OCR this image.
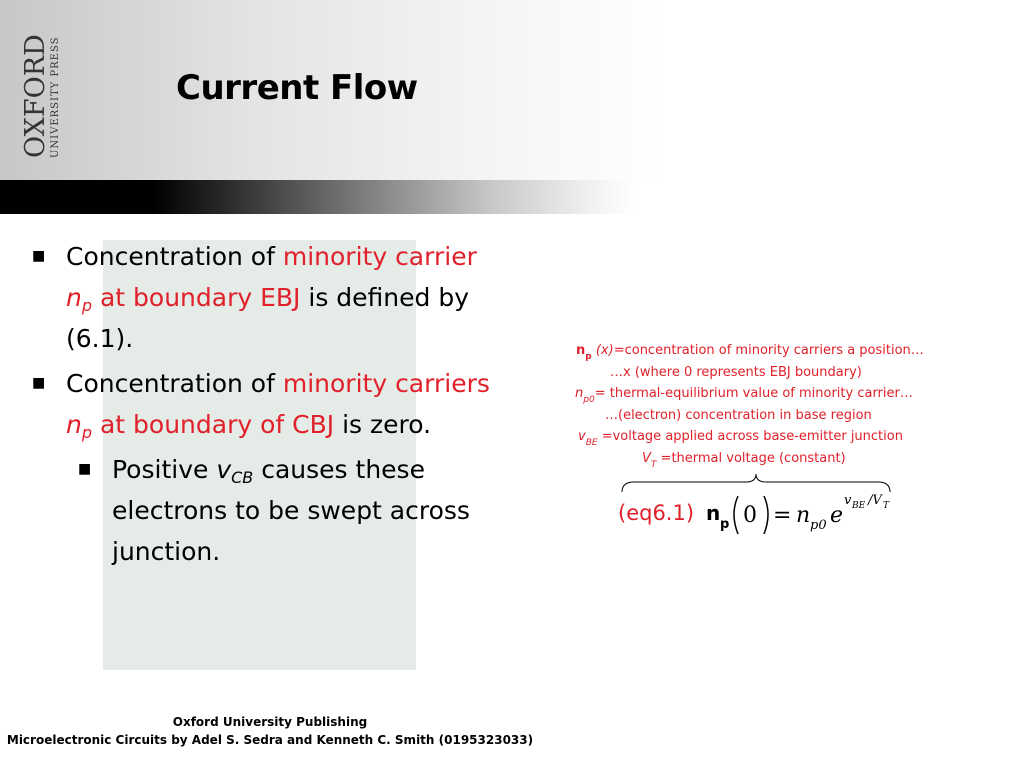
OXFORD UNIVERSITY PRESS	Current Flow
■ Concentration of minority carrier $n_p$ at boundary EBJ is defined by (6.1).
■ Concentration of minority carriers $n_p$ at boundary of CBJ is zero.
■ Positive $v_{CB}$ causes these electrons to be swept across junction.
$n_p$ (x)=concentration of minority carriers a position…
…x (where 0 represents EBJ boundary)
$n_{p0}=$ thermal-equilibrium value of minority carrier…
…(electron) concentration in base region
$v_{BE}$ =voltage applied across base-emitter junction
$V_T$ =thermal voltage (constant)
(eq6.1) n p 0 = n p0 e
v BE /V T
Oxford University Publishing
Microelectronic Circuits by Adel S. Sedra and Kenneth C. Smith (0195323033)
